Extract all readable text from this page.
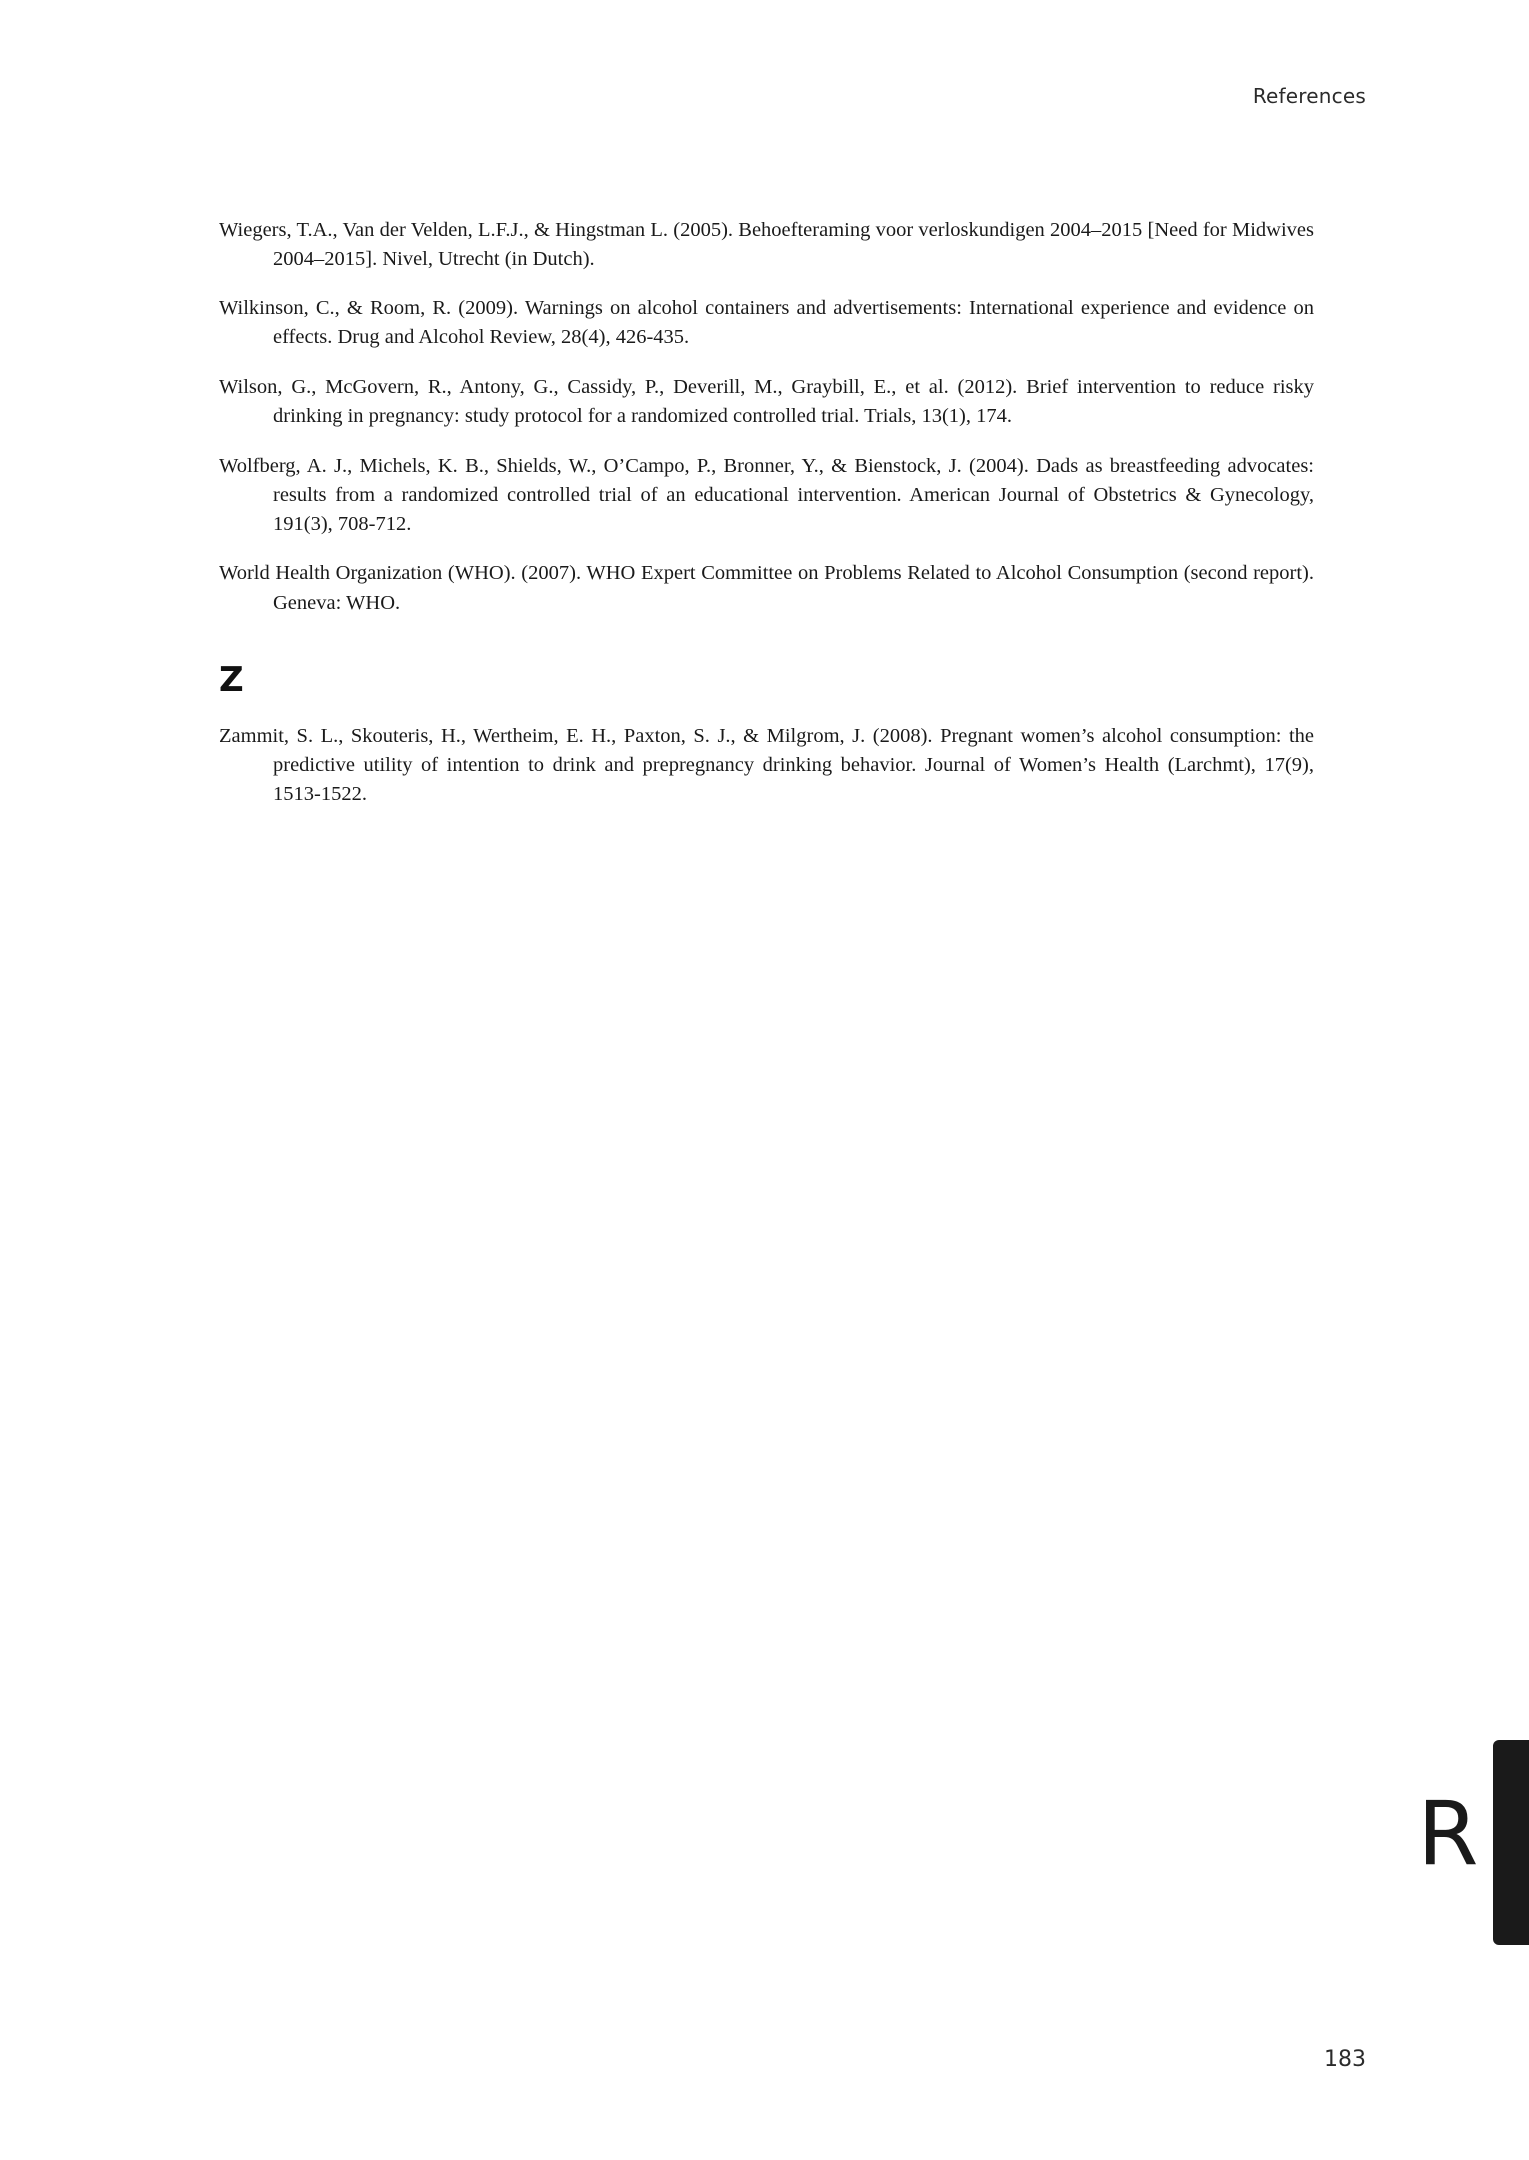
References

Wiegers, T.A., Van der Velden, L.F.J., & Hingstman L. (2005). Behoefteraming voor verloskundigen 2004–2015 [Need for Midwives 2004–2015]. Nivel, Utrecht (in Dutch).

Wilkinson, C., & Room, R. (2009). Warnings on alcohol containers and advertisements: International experience and evidence on effects. Drug and Alcohol Review, 28(4), 426-435.

Wilson, G., McGovern, R., Antony, G., Cassidy, P., Deverill, M., Graybill, E., et al. (2012). Brief intervention to reduce risky drinking in pregnancy: study protocol for a randomized controlled trial. Trials, 13(1), 174.

Wolfberg, A. J., Michels, K. B., Shields, W., O’Campo, P., Bronner, Y., & Bienstock, J. (2004). Dads as breastfeeding advocates: results from a randomized controlled trial of an educational intervention. American Journal of Obstetrics & Gynecology, 191(3), 708-712.

World Health Organization (WHO). (2007). WHO Expert Committee on Problems Related to Alcohol Consumption (second report). Geneva: WHO.

Z

Zammit, S. L., Skouteris, H., Wertheim, E. H., Paxton, S. J., & Milgrom, J. (2008). Pregnant women’s alcohol consumption: the predictive utility of intention to drink and prepregnancy drinking behavior. Journal of Women’s Health (Larchmt), 17(9), 1513-1522.

R
183
